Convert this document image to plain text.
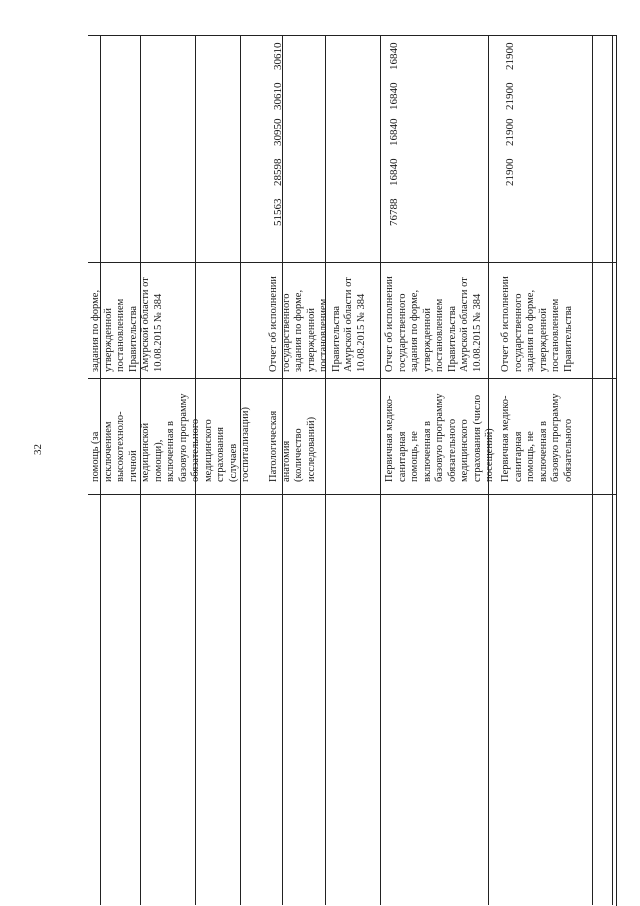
32
задания по форме, утвержденной постановлением Правительства Амурской области от 10.08.2015 № 384
помощь (за исключением высокотехноло- гичной медицинской помощи), включенная в базовую программу обязательного медицинского страхования (случаев госпитализации)
Отчет об исполнении государственного задания по форме, утвержденной постановлением Правительства Амурской области от 10.08.2015 № 384
Патологическая анатомия (количество исследований)
51563
28598
30950
30610
30610
Отчет об исполнении государственного задания по форме, утвержденной постановлением Правительства Амурской области от 10.08.2015 № 384
Первичная медико- санитарная помощь, не включенная в базовую программу обязательного медицинского страхования (число посещений)
76788
16840
16840
16840
16840
Отчет об исполнении государственного задания по форме, утвержденной постановлением Правительства
Первичная медико- санитарная помощь, не включенная в базовую программу обязательного
21900
21900
21900
21900
